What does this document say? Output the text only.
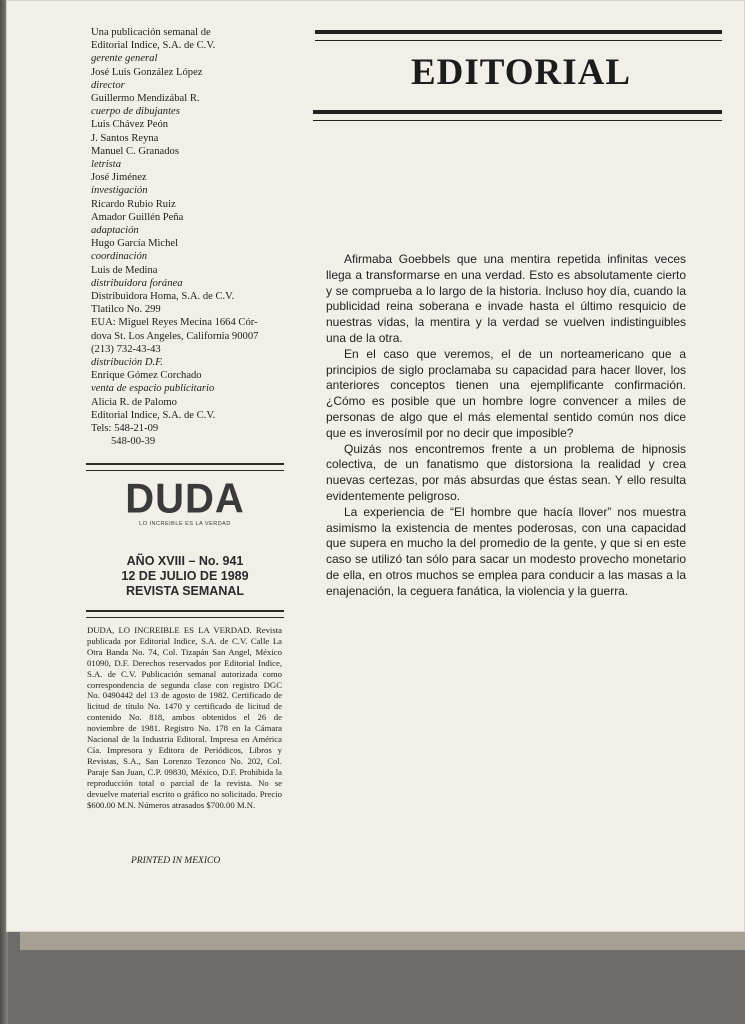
Una publicación semanal de
Editorial Indice, S.A. de C.V.
gerente general
José Luis González López
director
Guillermo Mendizábal R.
cuerpo de dibujantes
Luis Chávez Peón
J. Santos Reyna
Manuel C. Granados
letrista
José Jiménez
investigación
Ricardo Rubio Ruiz
Amador Guillén Peña
adaptación
Hugo García Michel
coordinación
Luis de Medina
distribuidora foránea
Distribuidora Homa, S.A. de C.V.
Tlatilco No. 299
EUA: Miguel Reyes Mecina 1664 Cór-
dova St. Los Angeles, California 90007
(213) 732-43-43
distribución D.F.
Enrique Gómez Corchado
venta de espacio publicitario
Alicia R. de Palomo
Editorial Indice, S.A. de C.V.
Tels: 548-21-09
548-00-39
DUDA
LO INCREIBLE ES LA VERDAD
AÑO XVIII – No. 941
12 DE JULIO DE 1989
REVISTA SEMANAL
DUDA, LO INCREIBLE ES LA VERDAD. Revista publicada por Editorial Indice, S.A. de C.V. Calle La Otra Banda No. 74, Col. Tizapán San Angel, México 01090, D.F. Derechos reservados por Editorial Indice, S.A. de C.V. Publicación semanal autorizada como correspondencia de segunda clase con registro DGC No. 0490442 del 13 de agosto de 1982. Certificado de licitud de título No. 1470 y certificado de licitud de contenido No. 818, ambos obtenidos el 26 de noviembre de 1981. Registro No. 178 en la Cámara Nacional de la Industria Editoral. Impresa en América Cía. Impresora y Editora de Periódicos, Libros y Revistas, S.A., San Lorenzo Tezonco No. 202, Col. Paraje San Juan, C.P. 09830, México, D.F. Prohibida la reproducción total o parcial de la revista. No se devuelve material escrito o gráfico no solicitado. Precio $600.00 M.N. Números atrasados $700.00 M.N.
PRINTED IN MEXICO
EDITORIAL

Afirmaba Goebbels que una mentira repetida infinitas veces llega a transformarse en una verdad. Esto es absolutamente cierto y se comprueba a lo largo de la historia. Incluso hoy día, cuando la publicidad reina soberana e invade hasta el último resquicio de nuestras vidas, la mentira y la verdad se vuelven indistinguibles una de la otra.

En el caso que veremos, el de un norteamericano que a principios de siglo proclamaba su capacidad para hacer llover, los anteriores conceptos tienen una ejemplificante confirmación. ¿Cómo es posible que un hombre logre convencer a miles de personas de algo que el más elemental sentido común nos dice que es inverosímil por no decir que imposible?

Quizás nos encontremos frente a un problema de hipnosis colectiva, de un fanatismo que distorsiona la realidad y crea nuevas certezas, por más absurdas que éstas sean. Y ello resulta evidentemente peligroso.

La experiencia de “El hombre que hacía llover” nos muestra asimismo la existencia de mentes poderosas, con una capacidad que supera en mucho la del promedio de la gente, y que si en este caso se utilizó tan sólo para sacar un modesto provecho monetario de ella, en otros muchos se emplea para conducir a las masas a la enajenación, la ceguera fanática, la violencia y la guerra.
